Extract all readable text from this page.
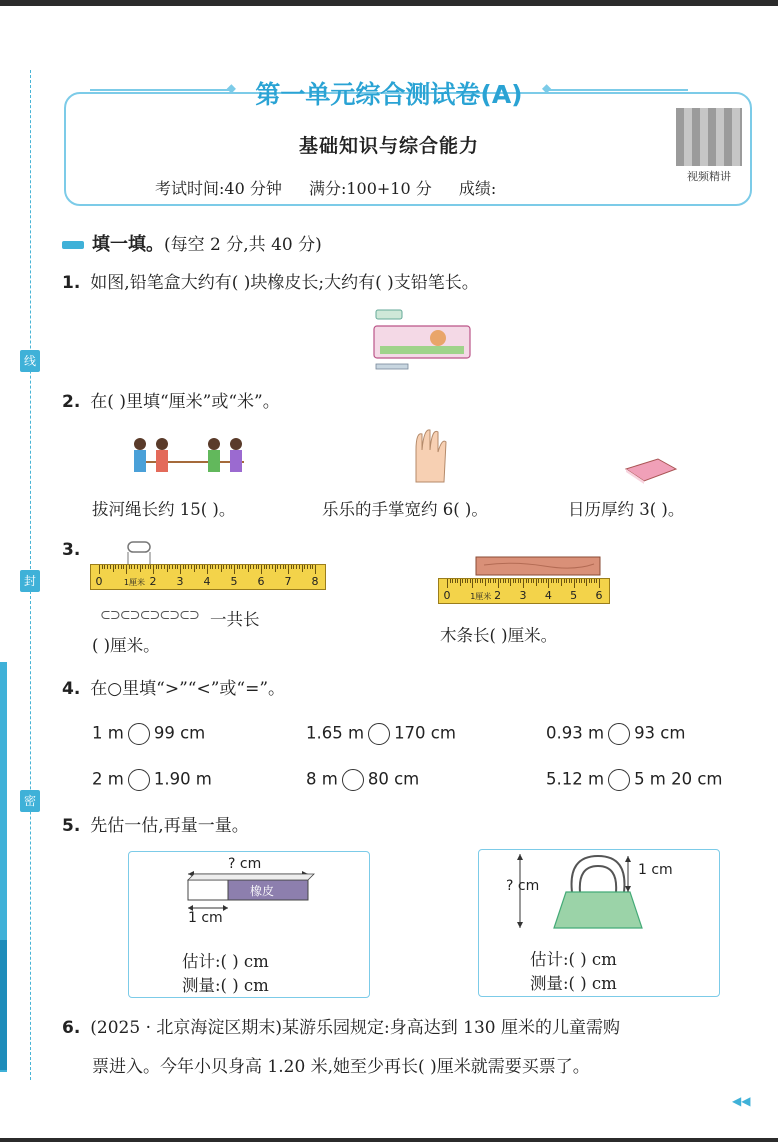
线
封
密
◆
◆
第一单元综合测试卷(A)
基础知识与综合能力
考试时间:40 分钟 满分:100+10 分 成绩:
视频精讲
填一填。(每空 2 分,共 40 分)
1. 如图,铅笔盒大约有( )块橡皮长;大约有( )支铅笔长。
2. 在( )里填“厘米”或“米”。
拔河绳长约 15( )。	乐乐的手掌宽约 6( )。	日历厚约 3( )。
3.
0	1厘米 2 3 4 5 6 7 8
⊂⊃⊂⊃⊂⊃⊂⊃⊂⊃ 一共长
( )厘米。
0 1厘米 2 3 4 5 6
木条长( )厘米。
4. 在○里填“>”“<”或“=”。
1 m 99 cm	1.65 m 170 cm	0.93 m 93 cm
2 m 1.90 m	8 m 80 cm	5.12 m 5 m 20 cm
5. 先估一估,再量一量。
? cm
橡皮
1 cm
估计:( ) cm
测量:( ) cm
? cm
1 cm
估计:( ) cm
测量:( ) cm
6. (2025 · 北京海淀区期末)某游乐园规定:身高达到 130 厘米的儿童需购
票进入。今年小贝身高 1.20 米,她至少再长( )厘米就需要买票了。
◀◀
